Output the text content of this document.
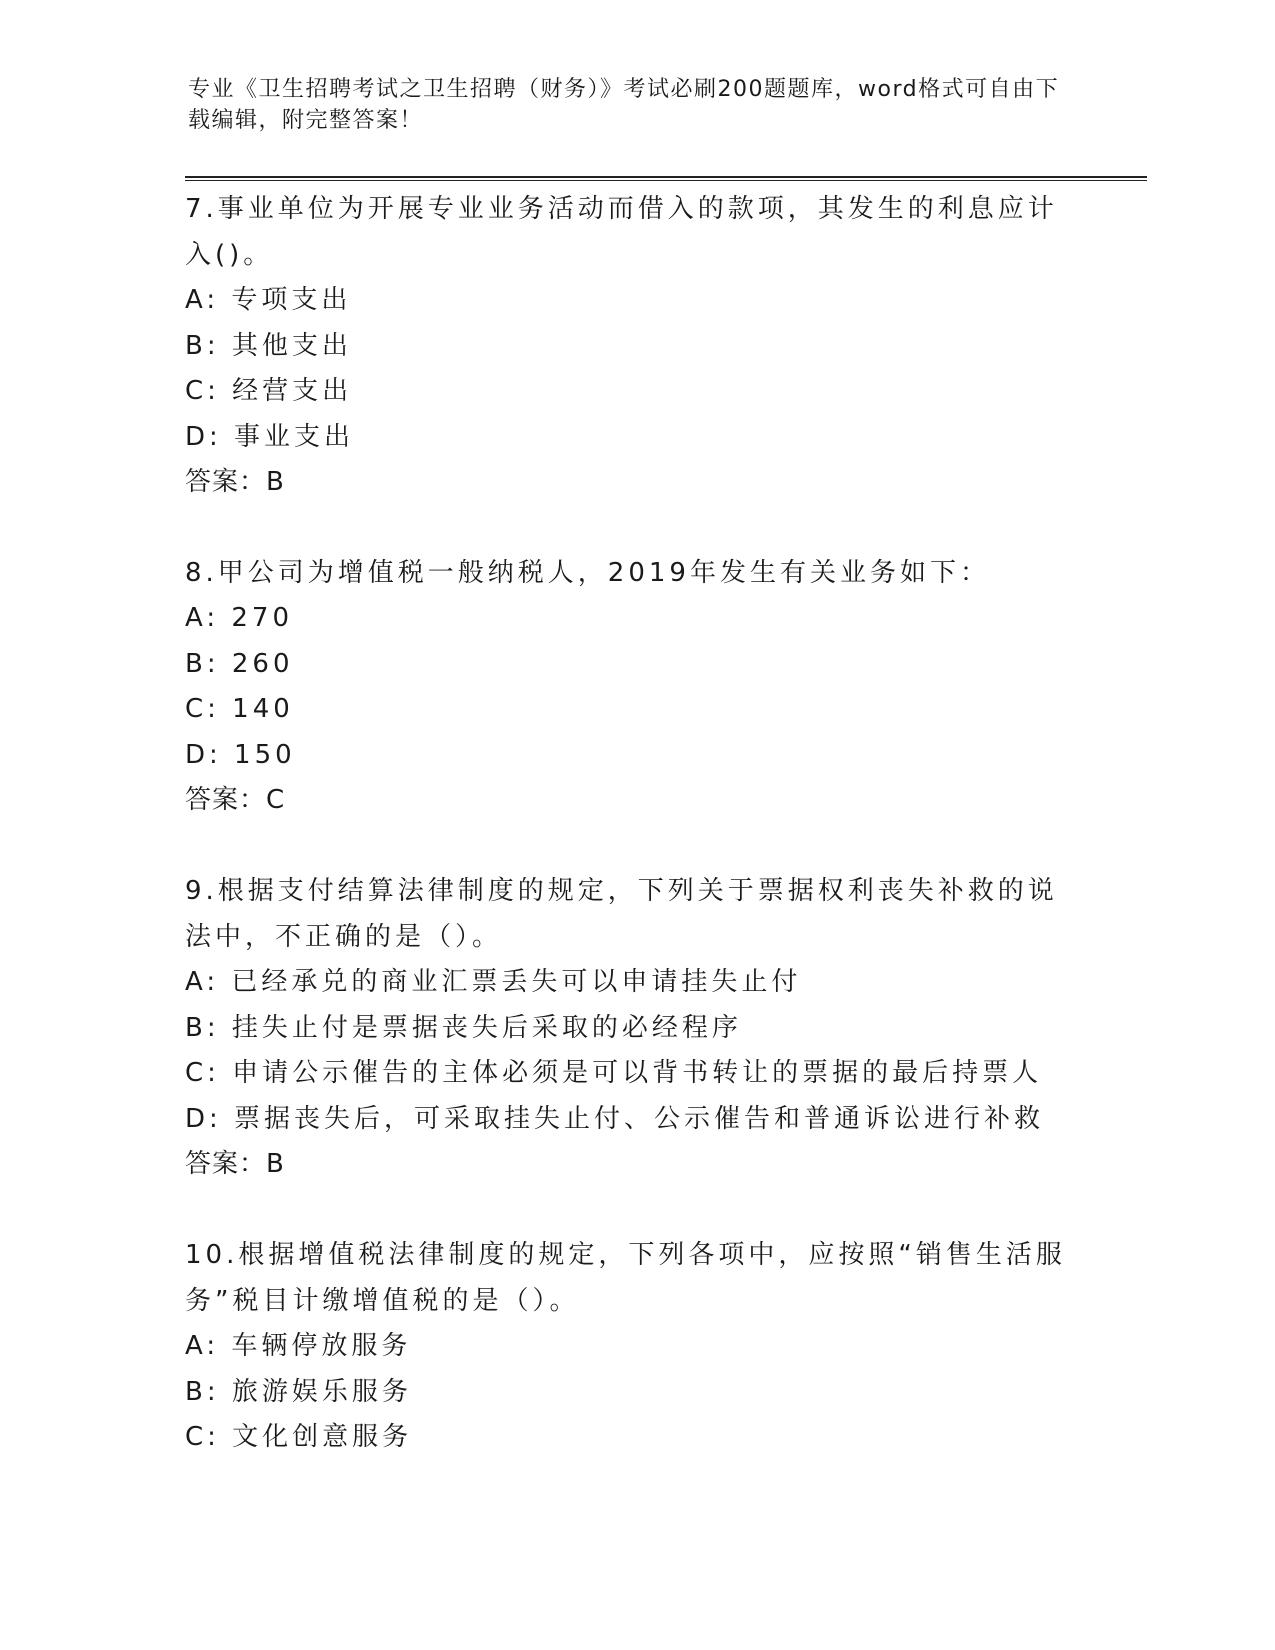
专业《卫生招聘考试之卫生招聘（财务）》考试必刷200题题库，word格式可自由下载编辑，附完整答案！

7.事业单位为开展专业业务活动而借入的款项，其发生的利息应计入()。

A: 专项支出

B: 其他支出

C: 经营支出

D: 事业支出

答案：B

8.甲公司为增值税一般纳税人，2019年发生有关业务如下：

A: 270

B: 260

C: 140

D: 150

答案：C

9.根据支付结算法律制度的规定，下列关于票据权利丧失补救的说法中，不正确的是（）。

A: 已经承兑的商业汇票丢失可以申请挂失止付

B: 挂失止付是票据丧失后采取的必经程序

C: 申请公示催告的主体必须是可以背书转让的票据的最后持票人

D: 票据丧失后，可采取挂失止付、公示催告和普通诉讼进行补救

答案：B

10.根据增值税法律制度的规定，下列各项中，应按照“销售生活服务”税目计缴增值税的是（）。

A: 车辆停放服务

B: 旅游娱乐服务

C: 文化创意服务
